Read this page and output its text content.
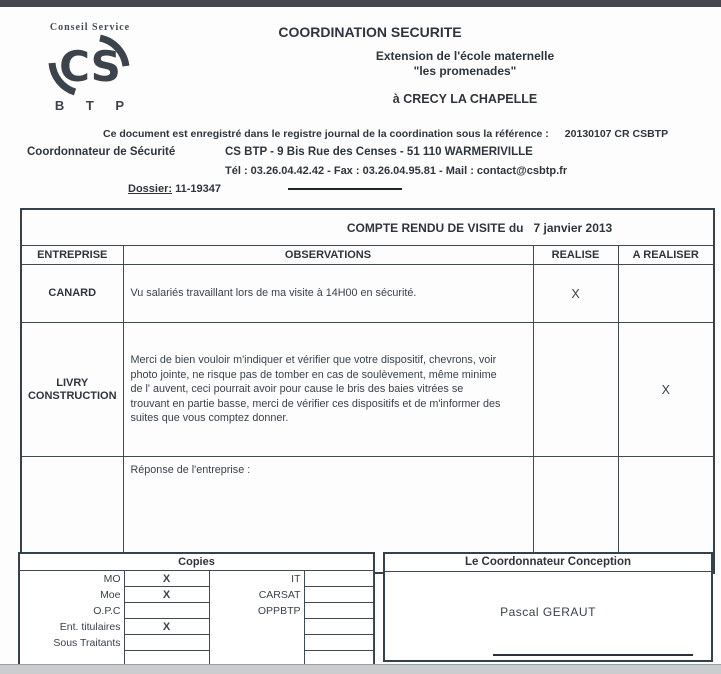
Conseil Service
CS
B T P
COORDINATION SECURITE
Extension de l'école maternelle
"les promenades"
à CRECY LA CHAPELLE
Ce document est enregistré dans le registre journal de la coordination sous la référence : 20130107 CR CSBTP
Coordonnateur de Sécurité	CS BTP - 9 Bis Rue des Censes - 51 110 WARMERIVILLE
Tél : 03.26.04.42.42 - Fax : 03.26.04.95.81 - Mail : contact@csbtp.fr
Dossier: 11-19347
COMPTE RENDU DE VISITE du 7 janvier 2013			

ENTREPRISE	OBSERVATIONS	REALISE	A REALISER
CANARD	Vu salariés travaillant lors de ma visite à 14H00 en sécurité.	X	
LIVRY CONSTRUCTION	Merci de bien vouloir m'indiquer et vérifier que votre dispositif, chevrons, voir photo jointe, ne risque pas de tomber en cas de soulèvement, même minime de l' auvent, ceci pourrait avoir pour cause le bris des baies vitrées se trouvant en partie basse, merci de vérifier ces dispositifs et de m'informer des suites que vous comptez donner.		X
	Réponse de l'entreprise :		
Copies			
MO	X	IT	
Moe	X	CARSAT	
O.P.C		OPPBTP	
Ent. titulaires	X		
Sous Traitants			

Le Coordonnateur Conception
Pascal GERAUT
